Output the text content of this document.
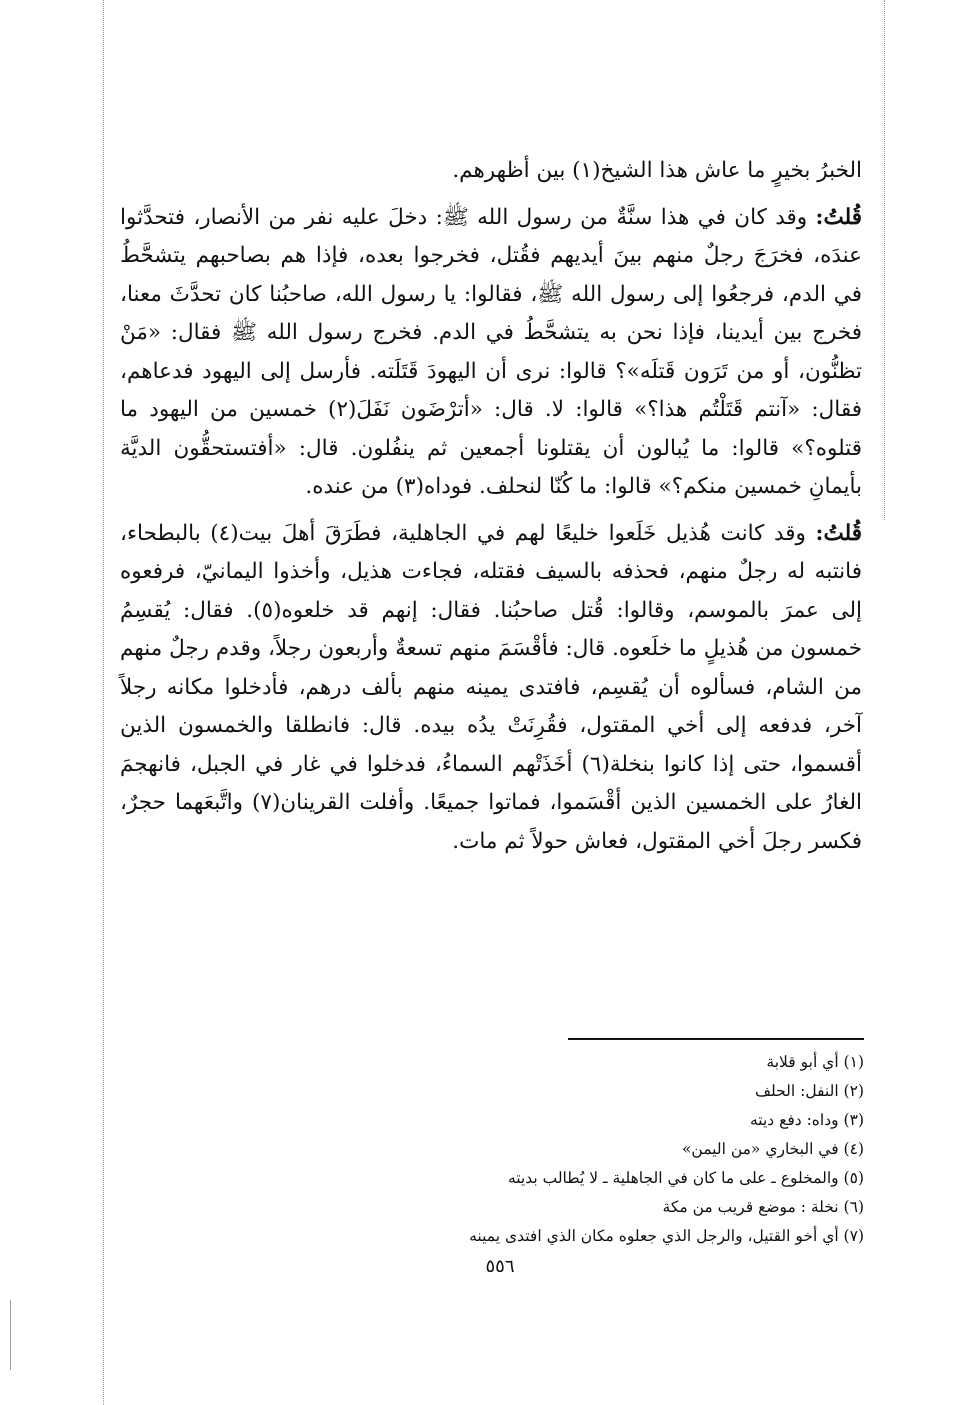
الخبرُ بخيرٍ ما عاش هذا الشيخ(١) بين أظهرهم.

قُلتُ: وقد كان في هذا سنَّةٌ من رسول الله ﷺ: دخلَ عليه نفر من الأنصار، فتحدَّثوا عندَه، فخرَجَ رجلٌ منهم بينَ أيديهم فقُتل، فخرجوا بعده، فإذا هم بصاحبهم يتشحَّطُ في الدم، فرجعُوا إلى رسول الله ﷺ، فقالوا: يا رسول الله، صاحبُنا كان تحدَّثَ معنا، فخرج بين أيدينا، فإذا نحن به يتشحَّطُ في الدم. فخرج رسول الله ﷺ فقال: «مَنْ تظنُّون، أو من تَرَون قَتلَه»؟ قالوا: نرى أن اليهودَ قَتَلَته. فأرسل إلى اليهود فدعاهم، فقال: «آنتم قَتَلْتُم هذا؟» قالوا: لا. قال: «أترْضَون نَفَلَ(٢) خمسين من اليهود ما قتلوه؟» قالوا: ما يُبالون أن يقتلونا أجمعين ثم ينفُلون. قال: «أفتستحقُّون الديَّة بأيمانِ خمسين منكم؟» قالوا: ما كُنّا لنحلف. فوداه(٣) من عنده.

قُلتُ: وقد كانت هُذيل خَلَعوا خليعًا لهم في الجاهلية، فطَرَقَ أهلَ بيت(٤) بالبطحاء، فانتبه له رجلٌ منهم، فحذفه بالسيف فقتله، فجاءت هذيل، وأخذوا اليمانيّ، فرفعوه إلى عمرَ بالموسم، وقالوا: قُتل صاحبُنا. فقال: إنهم قد خلعوه(٥). فقال: يُقسِمُ خمسون من هُذيلٍ ما خلَعوه. قال: فأقْسَمَ منهم تسعةٌ وأربعون رجلاً، وقدم رجلٌ منهم من الشام، فسألوه أن يُقسِم، فافتدى يمينه منهم بألف درهم، فأدخلوا مكانه رجلاً آخر، فدفعه إلى أخي المقتول، فقُرِنَتْ يدُه بيده. قال: فانطلقا والخمسون الذين أقسموا، حتى إذا كانوا بنخلة(٦) أخَذَتْهم السماءُ، فدخلوا في غار في الجبل، فانهجمَ الغارُ على الخمسين الذين أقْسَموا، فماتوا جميعًا. وأفلت القرينان(٧) واتَّبعَهما حجرٌ، فكسر رجلَ أخي المقتول، فعاش حولاً ثم مات.

(١) أي أبو قلابة
(٢) النفل: الحلف
(٣) وداه: دفع ديته
(٤) في البخاري «من اليمن»
(٥) والمخلوع ـ على ما كان في الجاهلية ـ لا يُطالب بديته
(٦) نخلة : موضع قريب من مكة
(٧) أي أخو القتيل، والرجل الذي جعلوه مكان الذي افتدى يمينه
٥٥٦
